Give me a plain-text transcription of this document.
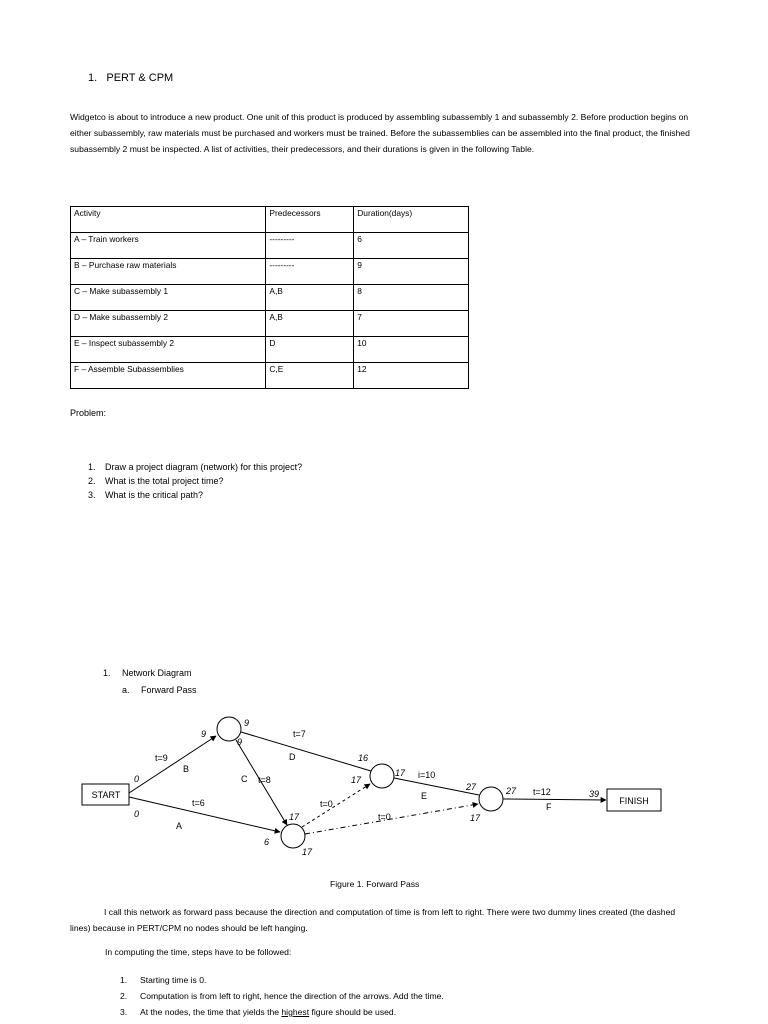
1. PERT & CPM
Widgetco is about to introduce a new product. One unit of this product is produced by assembling subassembly 1 and subassembly 2. Before production begins on either subassembly, raw materials must be purchased and workers must be trained. Before the subassemblies can be assembled into the final product, the finished subassembly 2 must be inspected. A list of activities, their predecessors, and their durations is given in the following Table.
Activity	Predecessors	Duration(days)
A – Train workers	---------	6
B – Purchase raw materials	---------	9
C – Make subassembly 1	A,B	8
D – Make subassembly 2	A,B	7
E – Inspect subassembly 2	D	10
F – Assemble Subassemblies	C,E	12
Problem:
1. Draw a project diagram (network) for this project?
2. What is the total project time?
3. What is the critical path?
1. Network Diagram
a. Forward Pass
START
FINISH
0
0
t=9
B
9
9
9
t=7
D	16
C t=8
t=6
A
17
17 i=10
E
t=0
t=0
17
6
17
27	27
17
t=12
F
39
Figure 1. Forward Pass
I call this network as forward pass because the direction and computation of time is from left to right. There were two dummy lines created (the dashed lines) because in PERT/CPM no nodes should be left hanging.
In computing the time, steps have to be followed:
1. Starting time is 0.
2. Computation is from left to right, hence the direction of the arrows. Add the time.
3. At the nodes, the time that yields the highest figure should be used.
